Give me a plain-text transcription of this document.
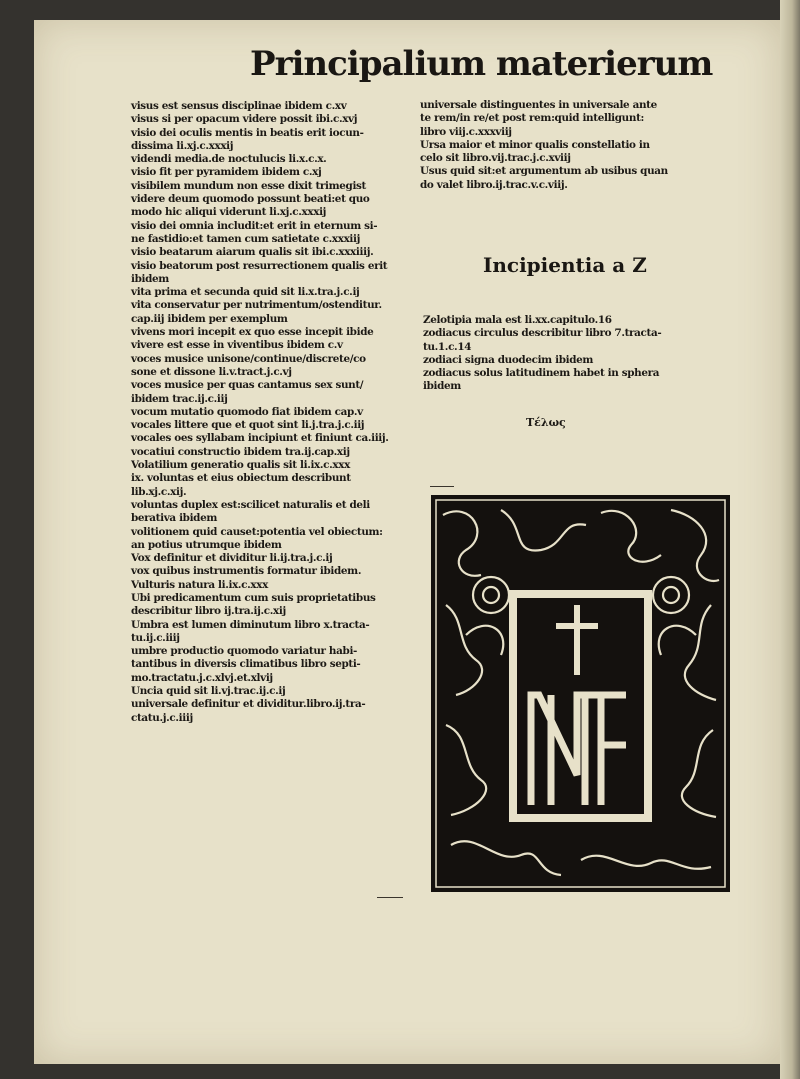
Principalium materierum
visus est sensus disciplinae ibidem c.xv
visus si per opacum videre possit ibi.c.xvj
visio dei oculis mentis in beatis erit iocun-
dissima li.xj.c.xxxij
videndi media.de noctulucis li.x.c.x.
visio fit per pyramidem ibidem c.xj
visibilem mundum non esse dixit trimegist
videre deum quomodo possunt beati:et quo
modo hic aliqui viderunt li.xj.c.xxxij
visio dei omnia includit:et erit in eternum si-
ne fastidio:et tamen cum satietate c.xxxiij
visio beatarum aiarum qualis sit ibi.c.xxxiiij.
visio beatorum post resurrectionem qualis erit
ibidem
vita prima et secunda quid sit li.x.tra.j.c.ij
vita conservatur per nutrimentum/ostenditur.
cap.iij ibidem per exemplum
vivens mori incepit ex quo esse incepit ibide
vivere est esse in viventibus ibidem c.v
voces musice unisone/continue/discrete/co
sone et dissone li.v.tract.j.c.vj
voces musice per quas cantamus sex sunt/
ibidem trac.ij.c.iij
vocum mutatio quomodo fiat ibidem cap.v
vocales littere que et quot sint li.j.tra.j.c.iij
vocales oes syllabam incipiunt et finiunt ca.iiij.
vocatiui constructio ibidem tra.ij.cap.xij
Volatilium generatio qualis sit li.ix.c.xxx
ix. voluntas et eius obiectum describunt
lib.xj.c.xij.
voluntas duplex est:scilicet naturalis et deli
berativa ibidem
volitionem quid causet:potentia vel obiectum:
an potius utrumque ibidem
Vox definitur et dividitur li.ij.tra.j.c.ij
vox quibus instrumentis formatur ibidem.
Vulturis natura li.ix.c.xxx
Ubi predicamentum cum suis proprietatibus
describitur libro ij.tra.ij.c.xij
Umbra est lumen diminutum libro x.tracta-
tu.ij.c.iiij
umbre productio quomodo variatur habi-
tantibus in diversis climatibus libro septi-
mo.tractatu.j.c.xlvj.et.xlvij
Uncia quid sit li.vj.trac.ij.c.ij
universale definitur et dividitur.libro.ij.tra-
ctatu.j.c.iiij
universale distinguentes in universale ante
te rem/in re/et post rem:quid intelligunt:
libro viij.c.xxxviij
Ursa maior et minor qualis constellatio in
celo sit libro.vij.trac.j.c.xviij
Usus quid sit:et argumentum ab usibus quan
do valet libro.ij.trac.v.c.viij.
Incipientia a Z
Zelotipia mala est li.xx.capitulo.16
zodiacus circulus describitur libro 7.tracta-
tu.1.c.14
zodiaci signa duodecim ibidem
zodiacus solus latitudinem habet in sphera
ibidem
Τέλως
